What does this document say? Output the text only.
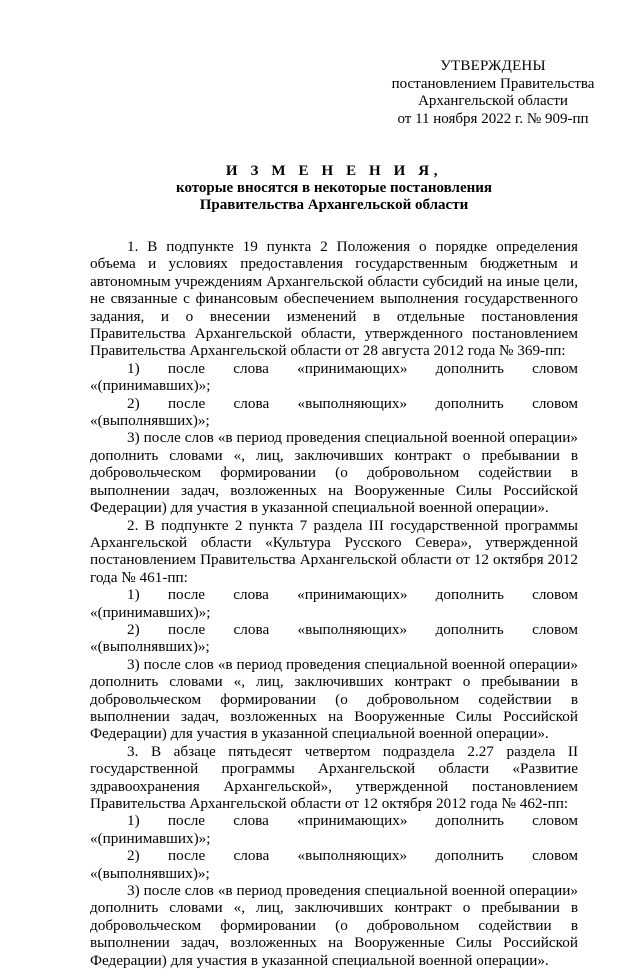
УТВЕРЖДЕНЫ
постановлением Правительства
Архангельской области
от 11 ноября 2022 г. № 909-пп
И З М Е Н Е Н И Я,
которые вносятся в некоторые постановления
Правительства Архангельской области

1. В подпункте 19 пункта 2 Положения о порядке определения объема и условиях предоставления государственным бюджетным и автономным учреждениям Архангельской области субсидий на иные цели, не связанные с финансовым обеспечением выполнения государственного задания, и о внесении изменений в отдельные постановления Правительства Архангельской области, утвержденного постановлением Правительства Архангельской области от 28 августа 2012 года № 369-пп:

1) после слова «принимающих» дополнить словом «(принимавших)»;

2) после слова «выполняющих» дополнить словом «(выполнявших)»;

3) после слов «в период проведения специальной военной операции» дополнить словами «, лиц, заключивших контракт о пребывании в добровольческом формировании (о добровольном содействии в выполнении задач, возложенных на Вооруженные Силы Российской Федерации) для участия в указанной специальной военной операции».

2. В подпункте 2 пункта 7 раздела III государственной программы Архангельской области «Культура Русского Севера», утвержденной постановлением Правительства Архангельской области от 12 октября 2012 года № 461-пп:

1) после слова «принимающих» дополнить словом «(принимавших)»;

2) после слова «выполняющих» дополнить словом «(выполнявших)»;

3) после слов «в период проведения специальной военной операции» дополнить словами «, лиц, заключивших контракт о пребывании в добровольческом формировании (о добровольном содействии в выполнении задач, возложенных на Вооруженные Силы Российской Федерации) для участия в указанной специальной военной операции».

3. В абзаце пятьдесят четвертом подраздела 2.27 раздела II государственной программы Архангельской области «Развитие здравоохранения Архангельской», утвержденной постановлением Правительства Архангельской области от 12 октября 2012 года № 462-пп:

1) после слова «принимающих» дополнить словом «(принимавших)»;

2) после слова «выполняющих» дополнить словом «(выполнявших)»;

3) после слов «в период проведения специальной военной операции» дополнить словами «, лиц, заключивших контракт о пребывании в добровольческом формировании (о добровольном содействии в выполнении задач, возложенных на Вооруженные Силы Российской Федерации) для участия в указанной специальной военной операции».
